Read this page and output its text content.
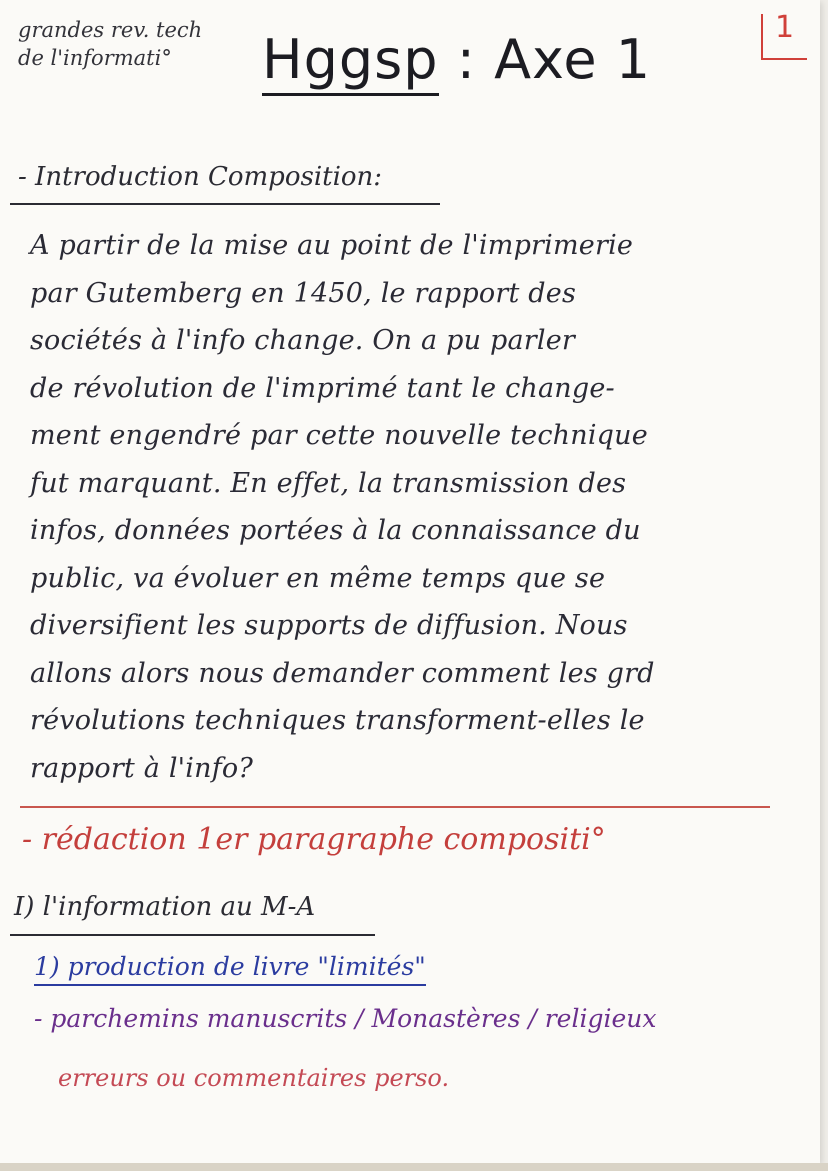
grandes rev. tech
de l'informati°	Hggsp : Axe 1
1
- Introduction Composition:
A partir de la mise au point de l'imprimerie
par Gutemberg en 1450, le rapport des
sociétés à l'info change. On a pu parler
de révolution de l'imprimé tant le change-
ment engendré par cette nouvelle technique
fut marquant. En effet, la transmission des
infos, données portées à la connaissance du
public, va évoluer en même temps que se
diversifient les supports de diffusion. Nous
allons alors nous demander comment les grd
révolutions techniques transforment-elles le
rapport à l'info?
- rédaction 1er paragraphe compositi°
I) l'information au M-A
1) production de livre "limités"
- parchemins manuscrits / Monastères / religieux
erreurs ou commentaires perso.
